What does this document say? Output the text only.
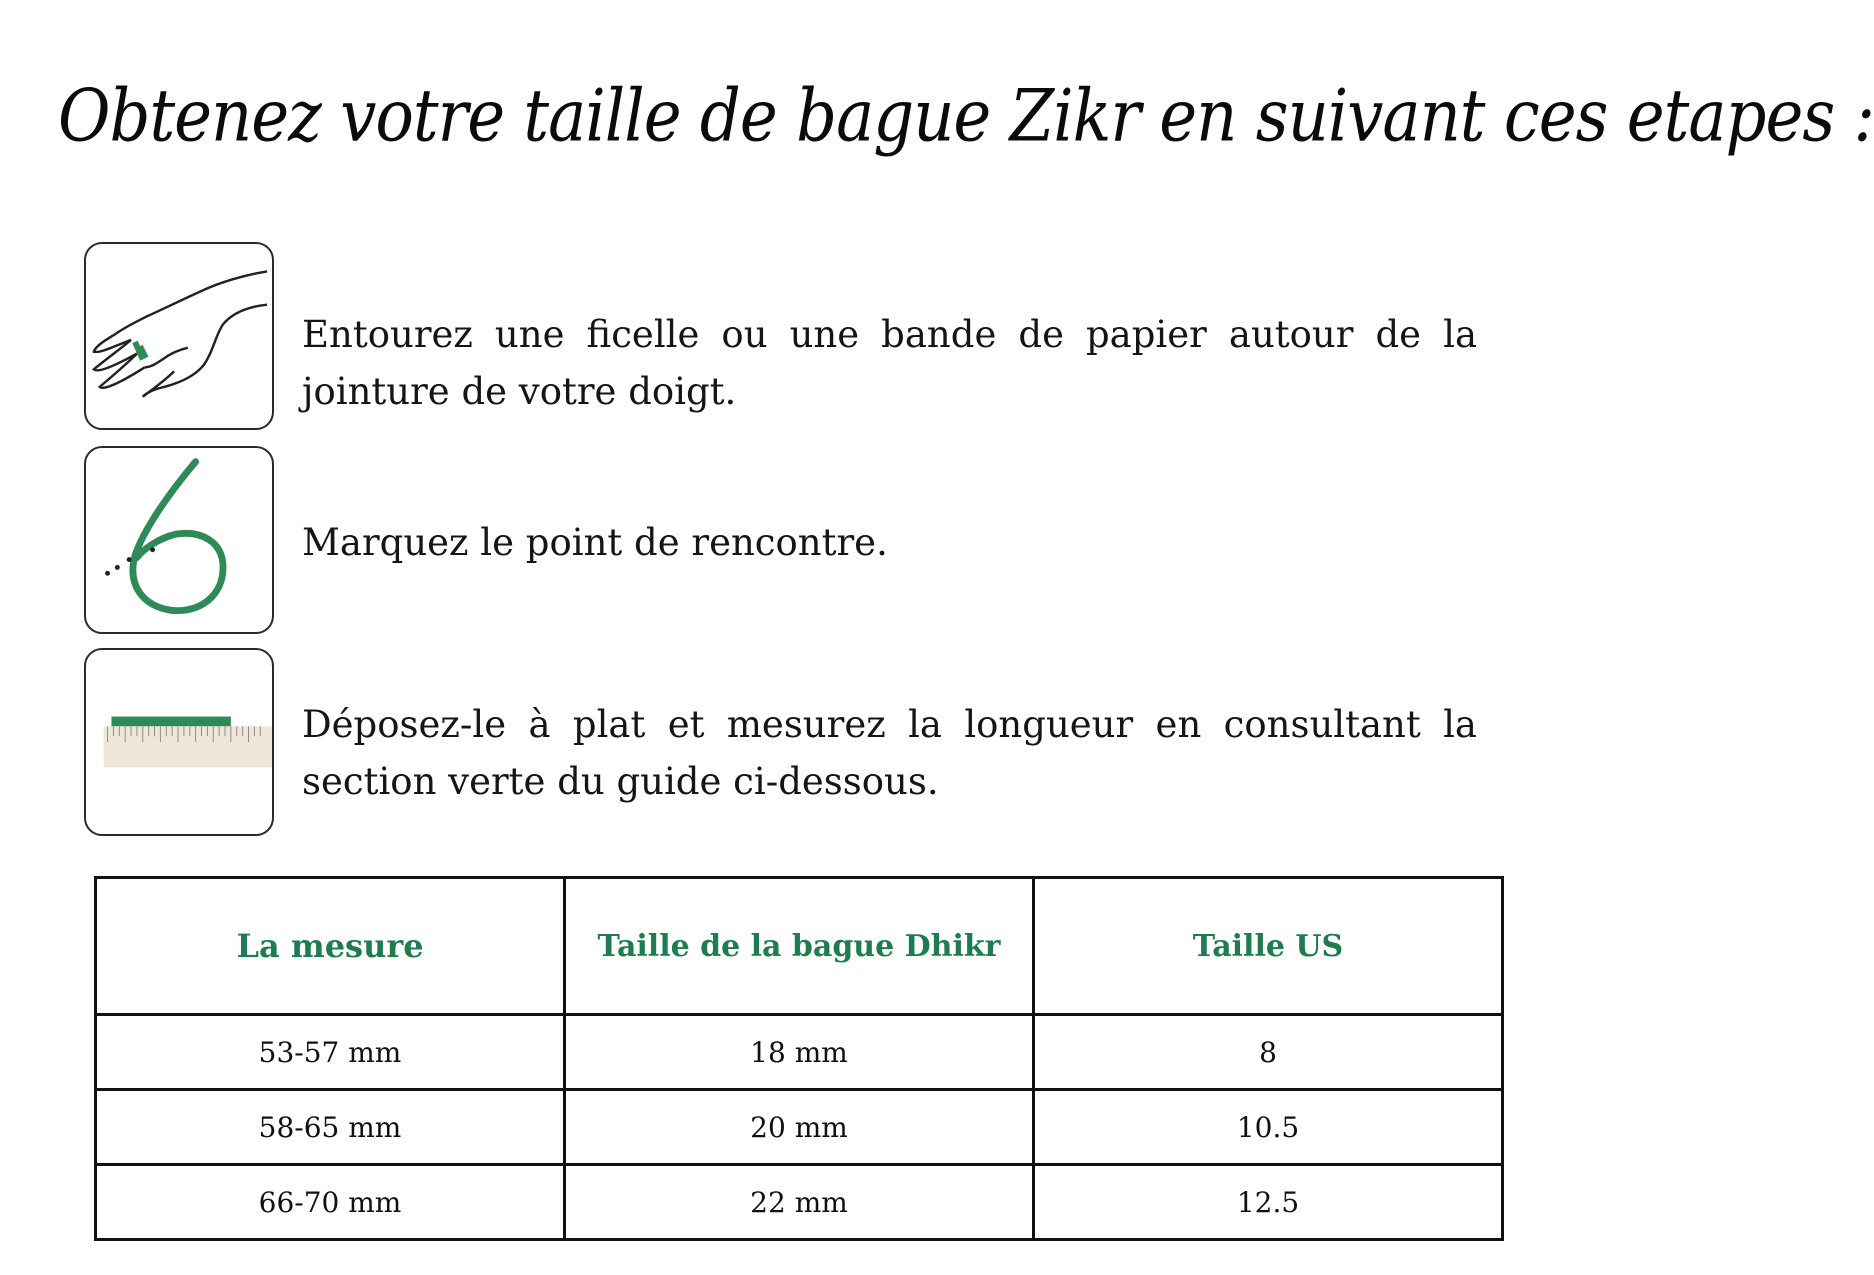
Obtenez votre taille de bague Zikr en suivant ces etapes :
Entourez une ficelle ou une bande de papier autour de la jointure de votre doigt.
Marquez le point de rencontre.
Déposez-le à plat et mesurez la longueur en consultant la section verte du guide ci-dessous.
La mesure	Taille de la bague Dhikr	Taille US
53-57 mm	18 mm	8
58-65 mm	20 mm	10.5
66-70 mm	22 mm	12.5
